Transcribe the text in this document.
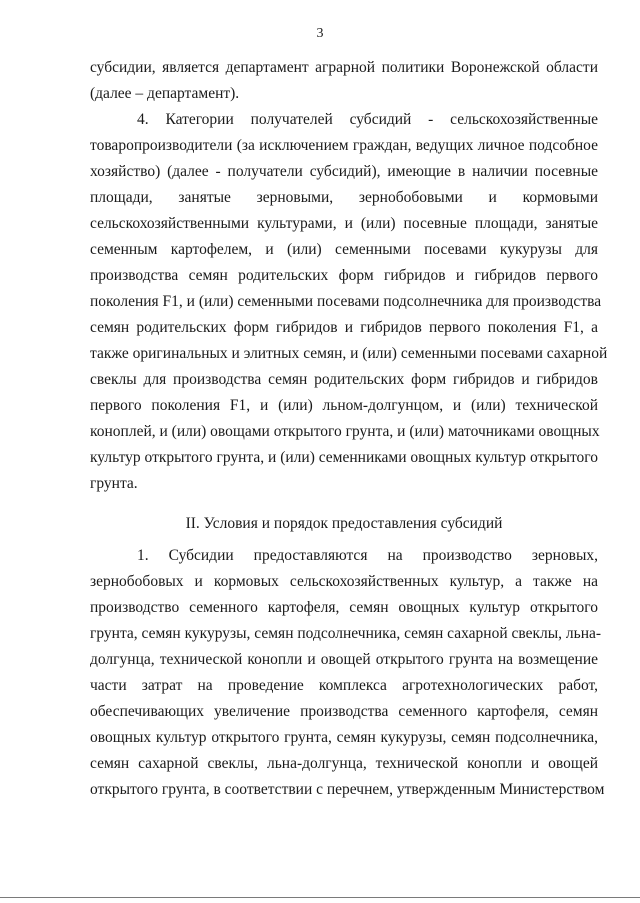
3
субсидии, является департамент аграрной политики Воронежской области
(далее – департамент).
4. Категории получателей субсидий - сельскохозяйственные
товаропроизводители (за исключением граждан, ведущих личное подсобное
хозяйство) (далее - получатели субсидий), имеющие в наличии посевные
площади, занятые зерновыми, зернобобовыми и кормовыми
сельскохозяйственными культурами, и (или) посевные площади, занятые
семенным картофелем, и (или) семенными посевами кукурузы для
производства семян родительских форм гибридов и гибридов первого
поколения F1, и (или) семенными посевами подсолнечника для производства
семян родительских форм гибридов и гибридов первого поколения F1, а
также оригинальных и элитных семян, и (или) семенными посевами сахарной
свеклы для производства семян родительских форм гибридов и гибридов
первого поколения F1, и (или) льном-долгунцом, и (или) технической
коноплей, и (или) овощами открытого грунта, и (или) маточниками овощных
культур открытого грунта, и (или) семенниками овощных культур открытого
грунта.
II. Условия и порядок предоставления субсидий
1. Субсидии предоставляются на производство зерновых,
зернобобовых и кормовых сельскохозяйственных культур, а также на
производство семенного картофеля, семян овощных культур открытого
грунта, семян кукурузы, семян подсолнечника, семян сахарной свеклы, льна-
долгунца, технической конопли и овощей открытого грунта на возмещение
части затрат на проведение комплекса агротехнологических работ,
обеспечивающих увеличение производства семенного картофеля, семян
овощных культур открытого грунта, семян кукурузы, семян подсолнечника,
семян сахарной свеклы, льна-долгунца, технической конопли и овощей
открытого грунта, в соответствии с перечнем, утвержденным Министерством
